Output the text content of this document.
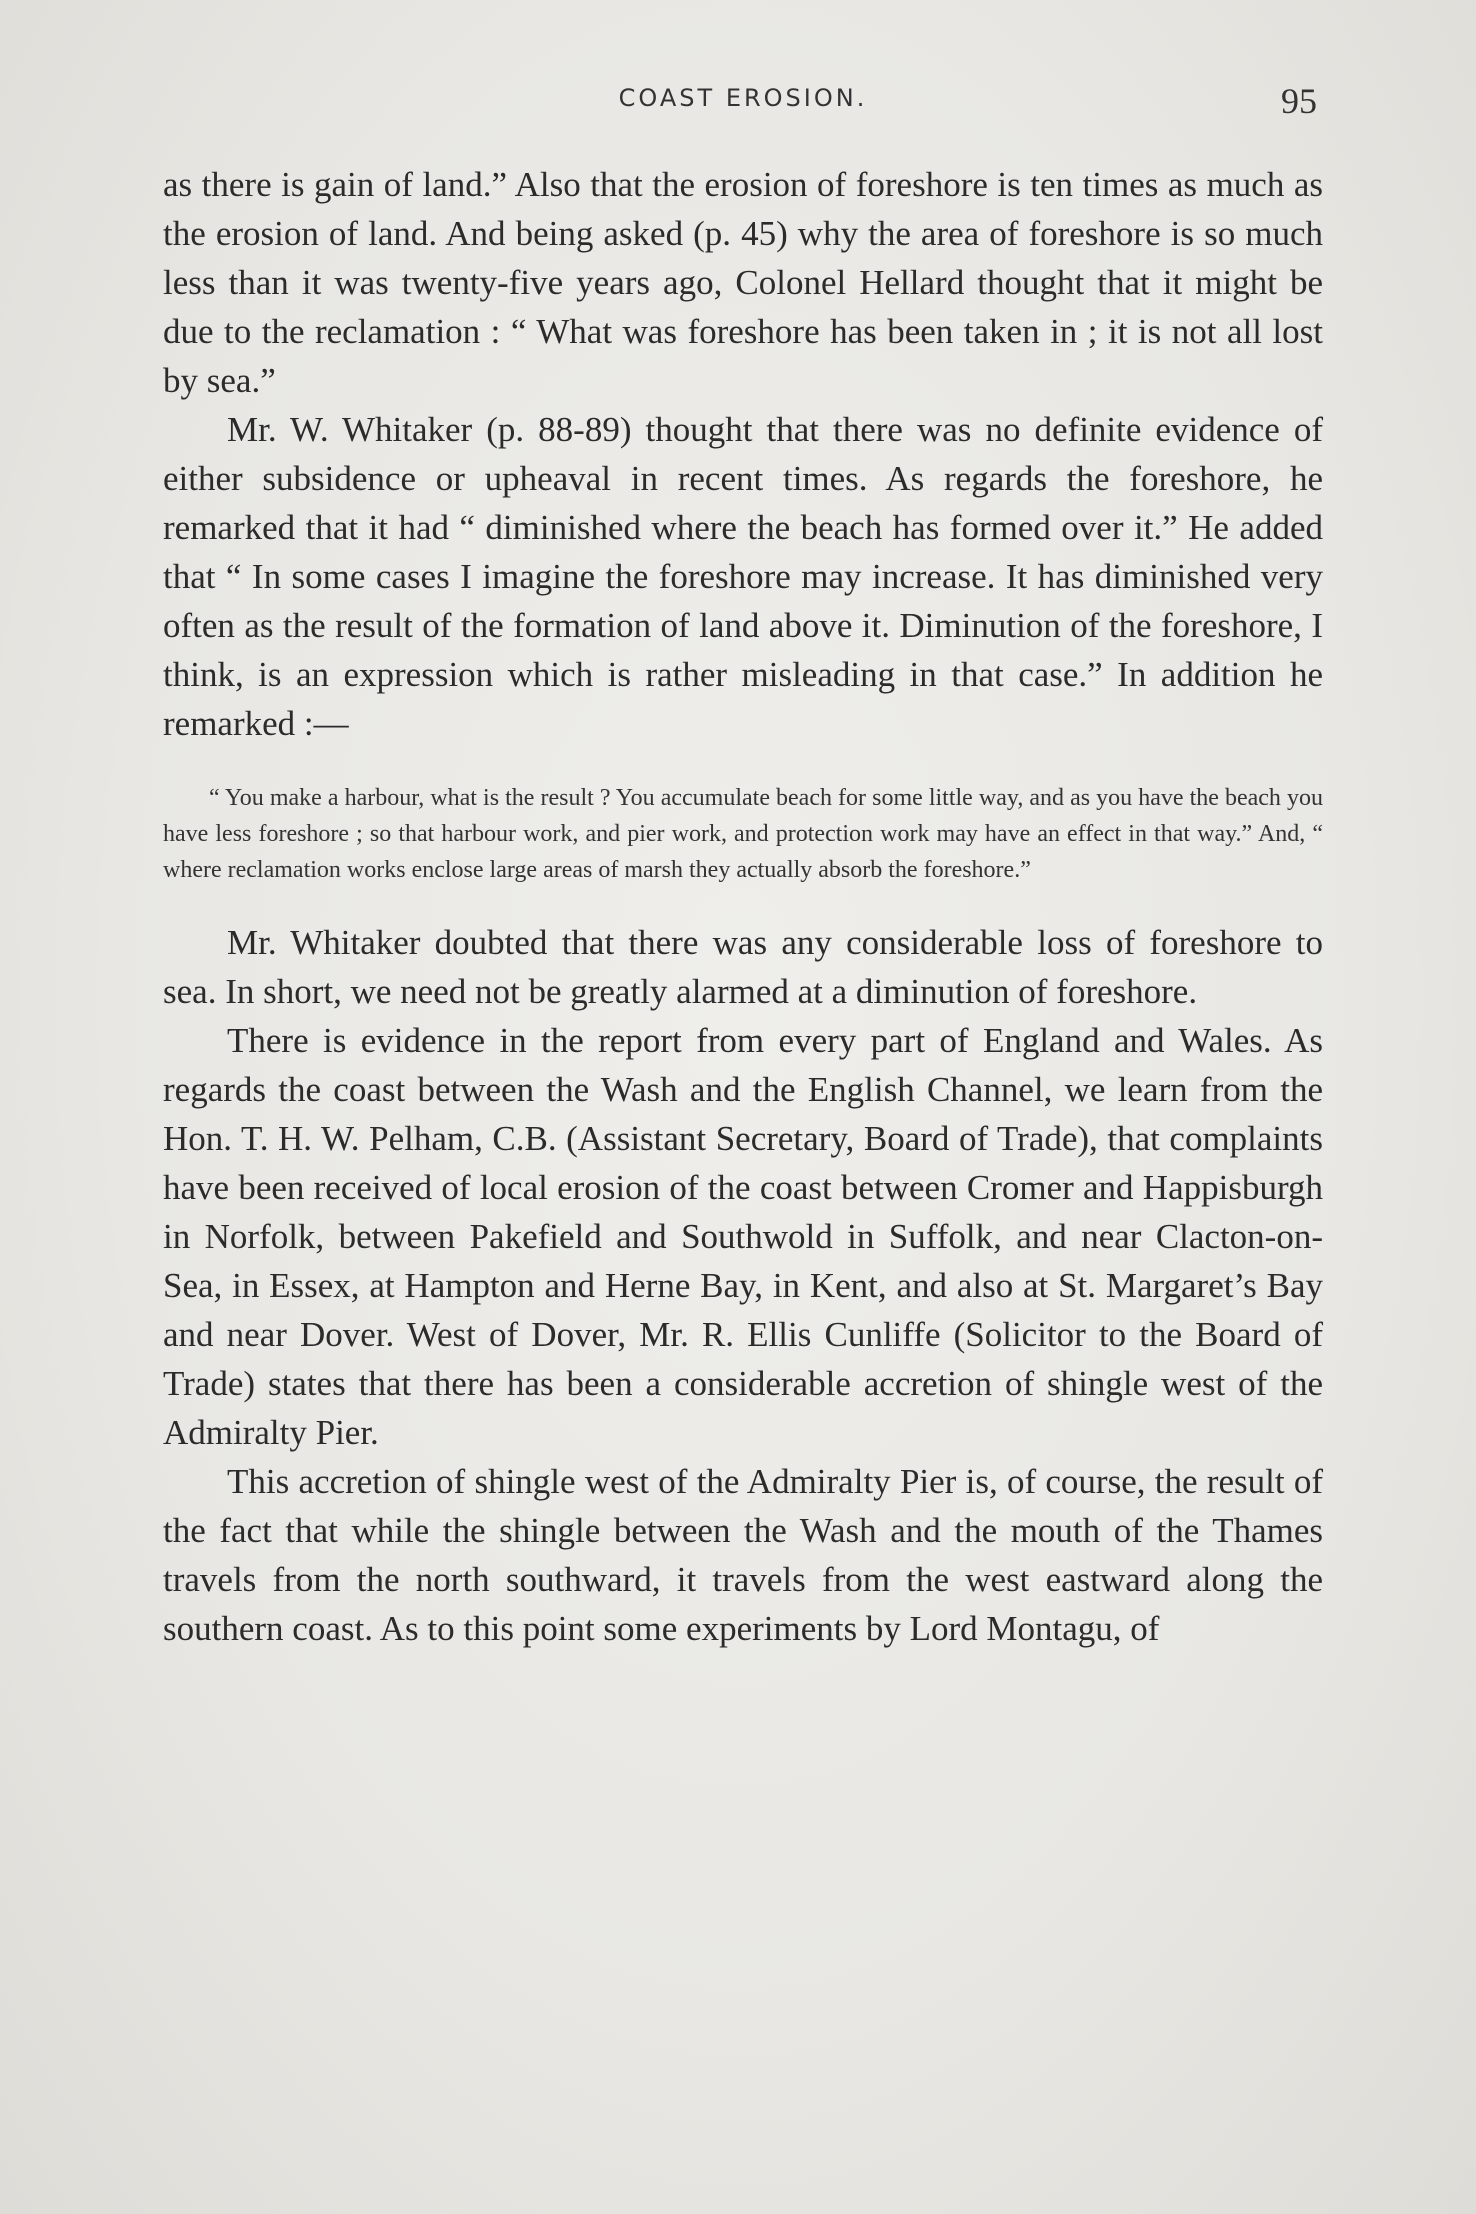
COAST EROSION.	95

as there is gain of land.” Also that the erosion of foreshore is ten times as much as the erosion of land. And being asked (p. 45) why the area of foreshore is so much less than it was twenty-five years ago, Colonel Hellard thought that it might be due to the reclamation : “ What was foreshore has been taken in ; it is not all lost by sea.”

Mr. W. Whitaker (p. 88-89) thought that there was no definite evidence of either subsidence or upheaval in recent times. As regards the foreshore, he remarked that it had “ diminished where the beach has formed over it.” He added that “ In some cases I imagine the foreshore may increase. It has diminished very often as the result of the formation of land above it. Diminution of the foreshore, I think, is an expression which is rather misleading in that case.” In addition he remarked :—

“ You make a harbour, what is the result ? You accumulate beach for some little way, and as you have the beach you have less foreshore ; so that harbour work, and pier work, and protection work may have an effect in that way.” And, “ where reclamation works enclose large areas of marsh they actually absorb the foreshore.”

Mr. Whitaker doubted that there was any considerable loss of foreshore to sea. In short, we need not be greatly alarmed at a diminution of foreshore.

There is evidence in the report from every part of England and Wales. As regards the coast between the Wash and the English Channel, we learn from the Hon. T. H. W. Pelham, C.B. (Assistant Secretary, Board of Trade), that complaints have been received of local erosion of the coast between Cromer and Happisburgh in Norfolk, between Pakefield and Southwold in Suffolk, and near Clacton-on-Sea, in Essex, at Hampton and Herne Bay, in Kent, and also at St. Margaret’s Bay and near Dover. West of Dover, Mr. R. Ellis Cunliffe (Solicitor to the Board of Trade) states that there has been a considerable accretion of shingle west of the Admiralty Pier.

This accretion of shingle west of the Admiralty Pier is, of course, the result of the fact that while the shingle between the Wash and the mouth of the Thames travels from the north southward, it travels from the west eastward along the southern coast. As to this point some experiments by Lord Montagu, of
